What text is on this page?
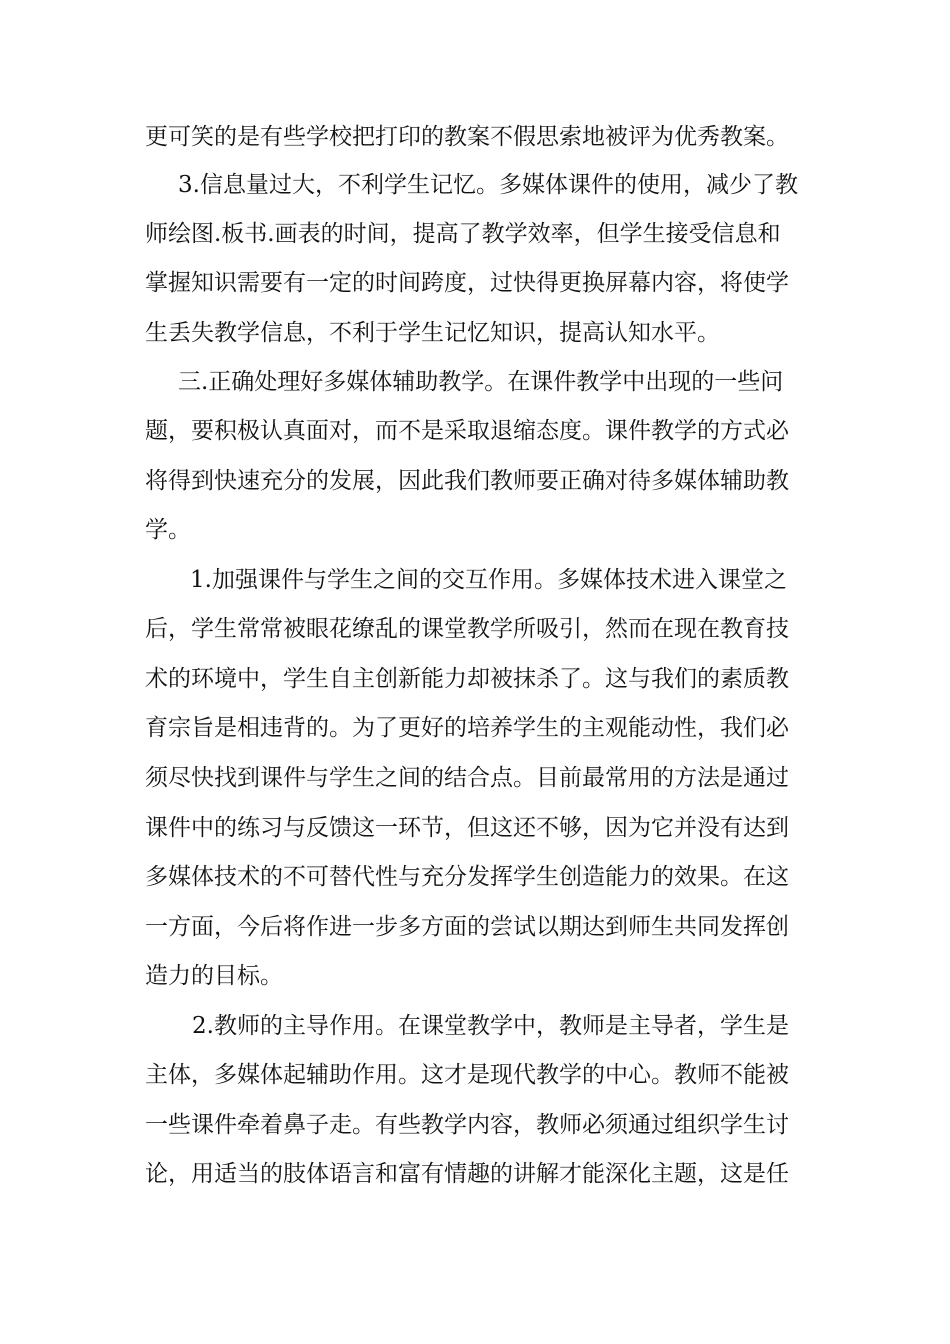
更可笑的是有些学校把打印的教案不假思索地被评为优秀教案。
3.信息量过大，不利学生记忆。多媒体课件的使用，减少了教
师绘图.板书.画表的时间，提高了教学效率，但学生接受信息和
掌握知识需要有一定的时间跨度，过快得更换屏幕内容，将使学
生丢失教学信息，不利于学生记忆知识，提高认知水平。
三.正确处理好多媒体辅助教学。在课件教学中出现的一些问
题，要积极认真面对，而不是采取退缩态度。课件教学的方式必
将得到快速充分的发展，因此我们教师要正确对待多媒体辅助教
学。
1.加强课件与学生之间的交互作用。多媒体技术进入课堂之
后，学生常常被眼花缭乱的课堂教学所吸引，然而在现在教育技
术的环境中，学生自主创新能力却被抹杀了。这与我们的素质教
育宗旨是相违背的。为了更好的培养学生的主观能动性，我们必
须尽快找到课件与学生之间的结合点。目前最常用的方法是通过
课件中的练习与反馈这一环节，但这还不够，因为它并没有达到
多媒体技术的不可替代性与充分发挥学生创造能力的效果。在这
一方面，今后将作进一步多方面的尝试以期达到师生共同发挥创
造力的目标。
2.教师的主导作用。在课堂教学中，教师是主导者，学生是
主体，多媒体起辅助作用。这才是现代教学的中心。教师不能被
一些课件牵着鼻子走。有些教学内容，教师必须通过组织学生讨
论，用适当的肢体语言和富有情趣的讲解才能深化主题，这是任
